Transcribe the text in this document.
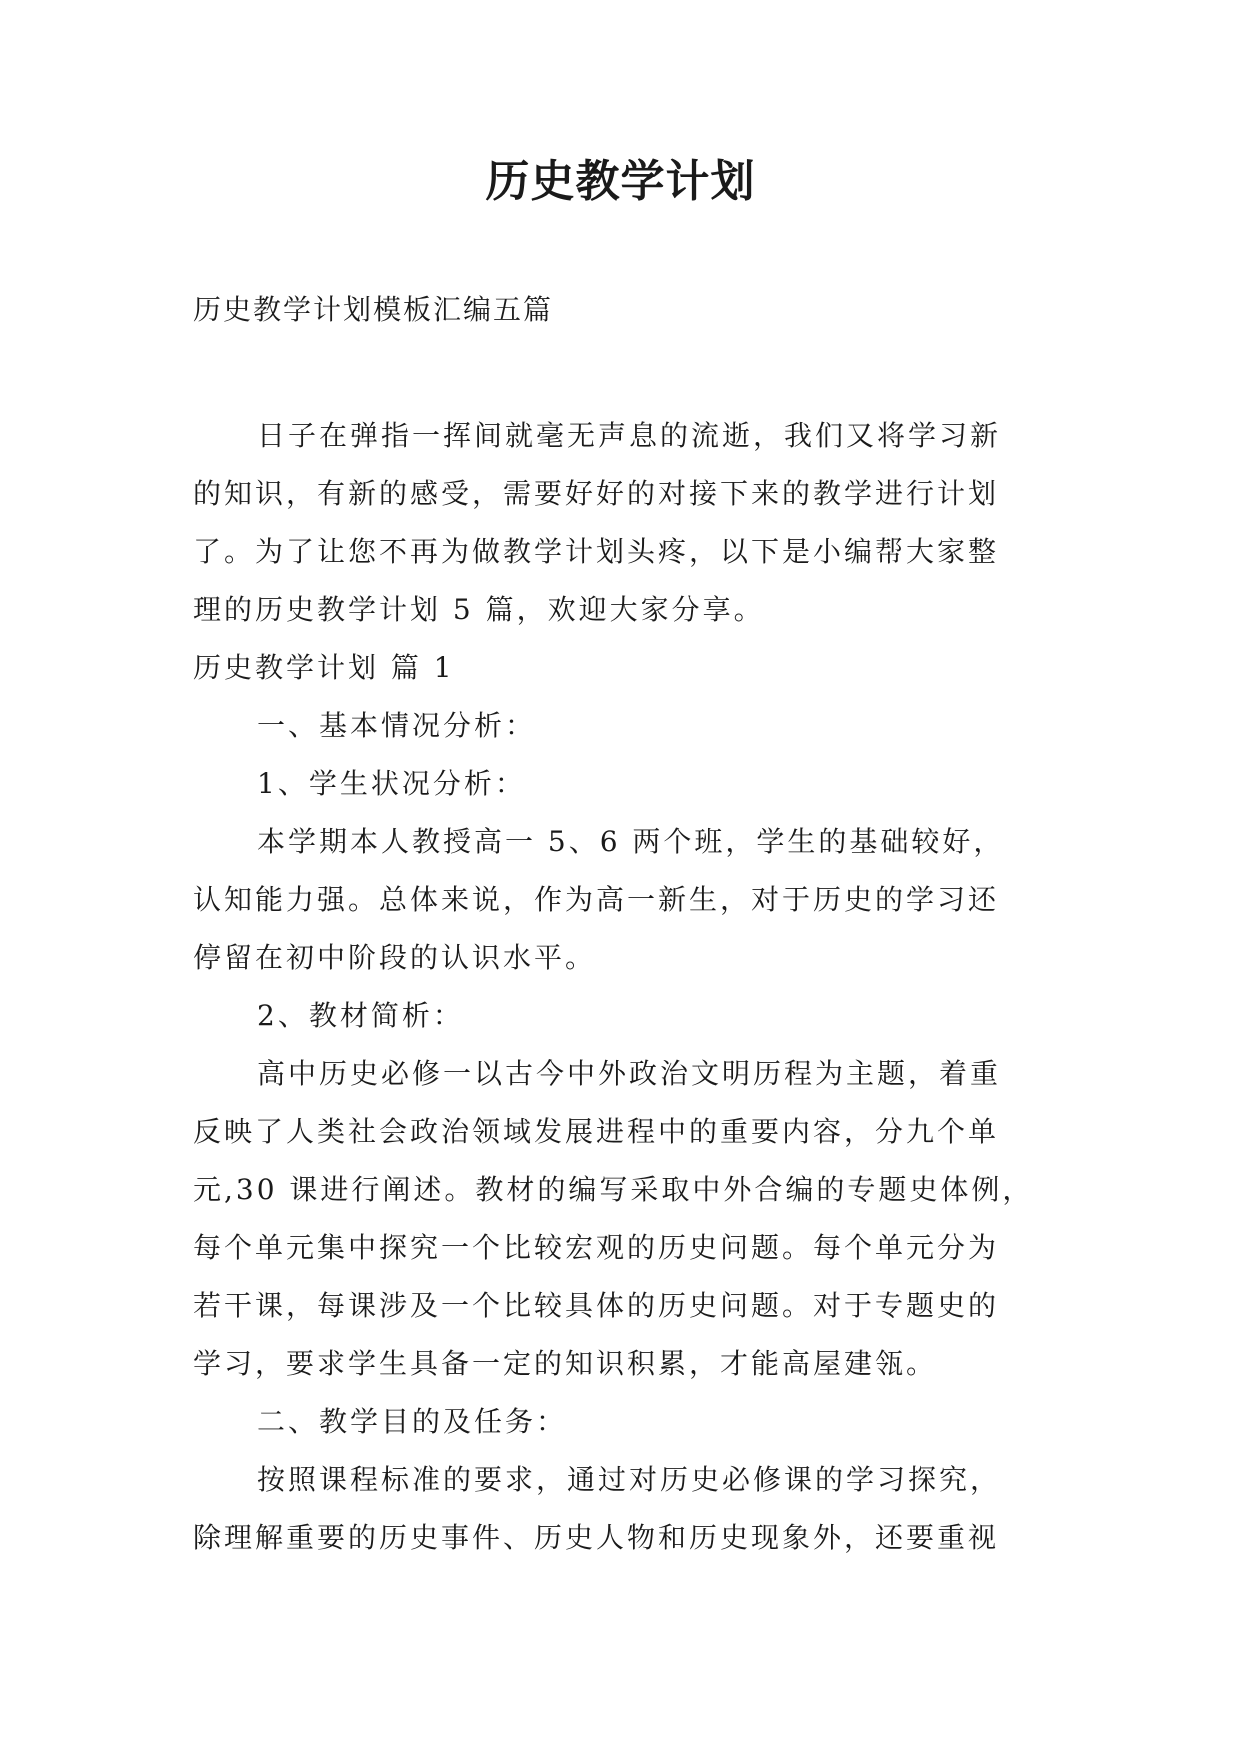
历史教学计划
历史教学计划模板汇编五篇
日子在弹指一挥间就毫无声息的流逝，我们又将学习新
的知识，有新的感受，需要好好的对接下来的教学进行计划
了。为了让您不再为做教学计划头疼，以下是小编帮大家整
理的历史教学计划 5 篇，欢迎大家分享。
历史教学计划 篇 1
一、基本情况分析：
1、学生状况分析：
本学期本人教授高一 5、6 两个班，学生的基础较好，
认知能力强。总体来说，作为高一新生，对于历史的学习还
停留在初中阶段的认识水平。
2、教材简析：
高中历史必修一以古今中外政治文明历程为主题，着重
反映了人类社会政治领域发展进程中的重要内容，分九个单
元,30 课进行阐述。教材的编写采取中外合编的专题史体例，
每个单元集中探究一个比较宏观的历史问题。每个单元分为
若干课，每课涉及一个比较具体的历史问题。对于专题史的
学习，要求学生具备一定的知识积累，才能高屋建瓴。
二、教学目的及任务：
按照课程标准的要求，通过对历史必修课的学习探究，
除理解重要的历史事件、历史人物和历史现象外，还要重视
